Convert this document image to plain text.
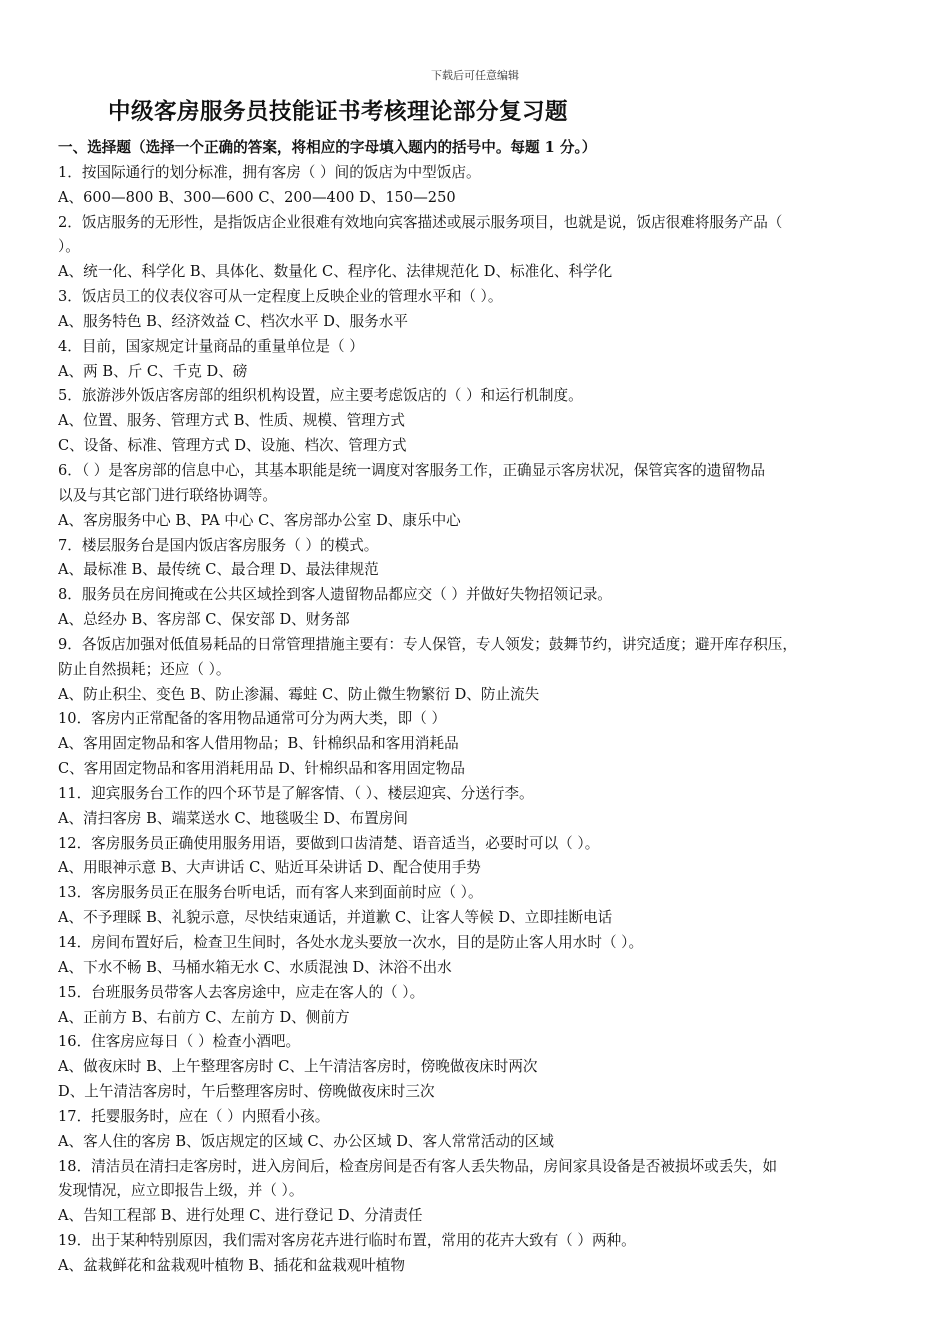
下载后可任意编辑
中级客房服务员技能证书考核理论部分复习题
一、选择题（选择一个正确的答案，将相应的字母填入题内的括号中。每题 1 分。）
1．按国际通行的划分标准，拥有客房（ ）间的饭店为中型饭店。
A、600—800 B、300—600 C、200—400 D、150—250
2．饭店服务的无形性，是指饭店企业很难有效地向宾客描述或展示服务项目，也就是说，饭店很难将服务产品（
）。
A、统一化、科学化 B、具体化、数量化 C、程序化、法律规范化 D、标准化、科学化
3．饭店员工的仪表仪容可从一定程度上反映企业的管理水平和（ ）。
A、服务特色 B、经济效益 C、档次水平 D、服务水平
4．目前，国家规定计量商品的重量单位是（ ）
A、两 B、斤 C、千克 D、磅
5．旅游涉外饭店客房部的组织机构设置，应主要考虑饭店的（ ）和运行机制度。
A、位置、服务、管理方式 B、性质、规模、管理方式
C、设备、标准、管理方式 D、设施、档次、管理方式
6．（ ）是客房部的信息中心，其基本职能是统一调度对客服务工作，正确显示客房状况，保管宾客的遗留物品
以及与其它部门进行联络协调等。
A、客房服务中心 B、PA 中心 C、客房部办公室 D、康乐中心
7．楼层服务台是国内饭店客房服务（ ）的模式。
A、最标准 B、最传统 C、最合理 D、最法律规范
8．服务员在房间掩或在公共区域拴到客人遗留物品都应交（ ）并做好失物招领记录。
A、总经办 B、客房部 C、保安部 D、财务部
9．各饭店加强对低值易耗品的日常管理措施主要有：专人保管，专人领发；鼓舞节约，讲究适度；避开库存积压，
防止自然损耗；还应（ ）。
A、防止积尘、变色 B、防止渗漏、霉蛀 C、防止微生物繁衍 D、防止流失
10．客房内正常配备的客用物品通常可分为两大类，即（ ）
A、客用固定物品和客人借用物品；B、针棉织品和客用消耗品
C、客用固定物品和客用消耗用品 D、针棉织品和客用固定物品
11．迎宾服务台工作的四个环节是了解客情、（ ）、楼层迎宾、分送行李。
A、清扫客房 B、端菜送水 C、地毯吸尘 D、布置房间
12．客房服务员正确使用服务用语，要做到口齿清楚、语音适当，必要时可以（ ）。
A、用眼神示意 B、大声讲话 C、贴近耳朵讲话 D、配合使用手势
13．客房服务员正在服务台听电话，而有客人来到面前时应（ ）。
A、不予理睬 B、礼貌示意，尽快结束通话，并道歉 C、让客人等候 D、立即挂断电话
14．房间布置好后，检查卫生间时，各处水龙头要放一次水，目的是防止客人用水时（ ）。
A、下水不畅 B、马桶水箱无水 C、水质混浊 D、沐浴不出水
15．台班服务员带客人去客房途中，应走在客人的（ ）。
A、正前方 B、右前方 C、左前方 D、侧前方
16．住客房应每日（ ）检查小酒吧。
A、做夜床时 B、上午整理客房时 C、上午清洁客房时，傍晚做夜床时两次
D、上午清洁客房时，午后整理客房时、傍晚做夜床时三次
17．托婴服务时，应在（ ）内照看小孩。
A、客人住的客房 B、饭店规定的区域 C、办公区域 D、客人常常活动的区域
18．清洁员在清扫走客房时，进入房间后，检查房间是否有客人丢失物品，房间家具设备是否被损坏或丢失，如
发现情况，应立即报告上级，并（ ）。
A、告知工程部 B、进行处理 C、进行登记 D、分清责任
19．出于某种特别原因，我们需对客房花卉进行临时布置，常用的花卉大致有（ ）两种。
A、盆栽鲜花和盆栽观叶植物 B、插花和盆栽观叶植物
